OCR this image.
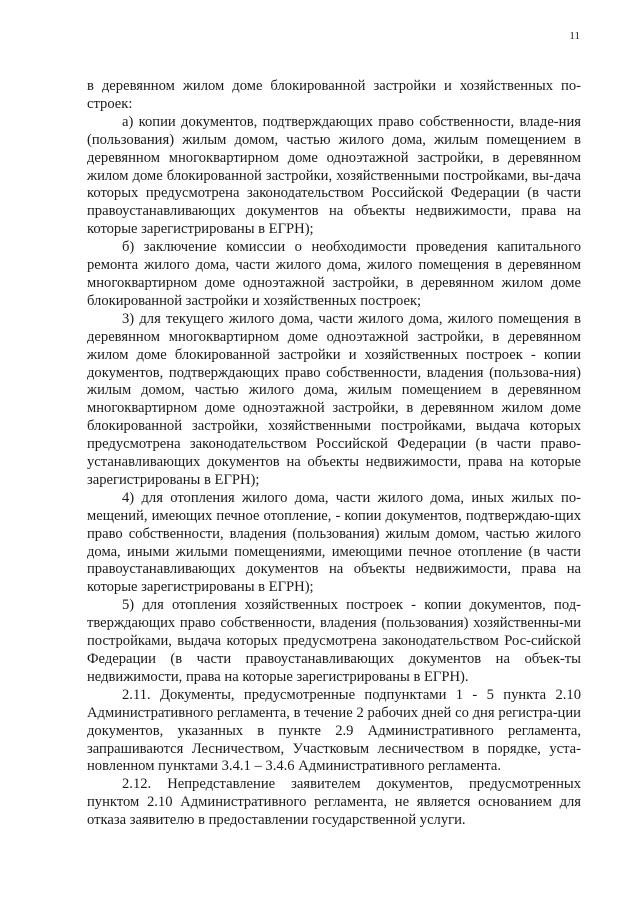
11

в деревянном жилом доме блокированной застройки и хозяйственных по-строек:

а) копии документов, подтверждающих право собственности, владе-ния (пользования) жилым домом, частью жилого дома, жилым помещением в деревянном многоквартирном доме одноэтажной застройки, в деревянном жилом доме блокированной застройки, хозяйственными постройками, вы-дача которых предусмотрена законодательством Российской Федерации (в части правоустанавливающих документов на объекты недвижимости, права на которые зарегистрированы в ЕГРН);

б) заключение комиссии о необходимости проведения капитального ремонта жилого дома, части жилого дома, жилого помещения в деревянном многоквартирном доме одноэтажной застройки, в деревянном жилом доме блокированной застройки и хозяйственных построек;

3) для текущего жилого дома, части жилого дома, жилого помещения в деревянном многоквартирном доме одноэтажной застройки, в деревянном жилом доме блокированной застройки и хозяйственных построек - копии документов, подтверждающих право собственности, владения (пользова-ния) жилым домом, частью жилого дома, жилым помещением в деревянном многоквартирном доме одноэтажной застройки, в деревянном жилом доме блокированной застройки, хозяйственными постройками, выдача которых предусмотрена законодательством Российской Федерации (в части право-устанавливающих документов на объекты недвижимости, права на которые зарегистрированы в ЕГРН);

4) для отопления жилого дома, части жилого дома, иных жилых по-мещений, имеющих печное отопление, - копии документов, подтверждаю-щих право собственности, владения (пользования) жилым домом, частью жилого дома, иными жилыми помещениями, имеющими печное отопление (в части правоустанавливающих документов на объекты недвижимости, права на которые зарегистрированы в ЕГРН);

5) для отопления хозяйственных построек - копии документов, под-тверждающих право собственности, владения (пользования) хозяйственны-ми постройками, выдача которых предусмотрена законодательством Рос-сийской Федерации (в части правоустанавливающих документов на объек-ты недвижимости, права на которые зарегистрированы в ЕГРН).

2.11. Документы, предусмотренные подпунктами 1 - 5 пункта 2.10 Административного регламента, в течение 2 рабочих дней со дня регистра-ции документов, указанных в пункте 2.9 Административного регламента, запрашиваются Лесничеством, Участковым лесничеством в порядке, уста-новленном пунктами 3.4.1 – 3.4.6 Административного регламента.

2.12. Непредставление заявителем документов, предусмотренных пунктом 2.10 Административного регламента, не является основанием для отказа заявителю в предоставлении государственной услуги.
